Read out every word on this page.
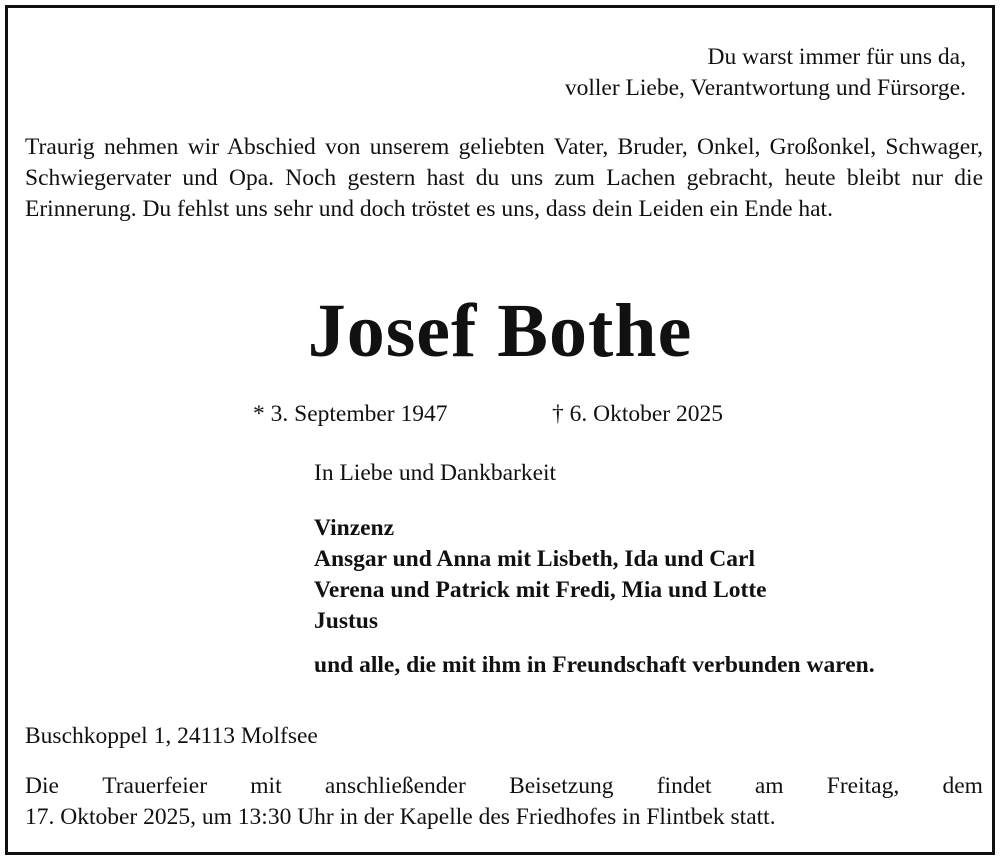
Du warst immer für uns da,
voller Liebe, Verantwortung und Fürsorge.
Traurig nehmen wir Abschied von unserem geliebten Vater, Bruder, Onkel, Großonkel, Schwager, Schwiegervater und Opa. Noch gestern hast du uns zum Lachen gebracht, heute bleibt nur die Erinnerung. Du fehlst uns sehr und doch tröstet es uns, dass dein Leiden ein Ende hat.
Josef Bothe
* 3. September 1947	† 6. Oktober 2025
In Liebe und Dankbarkeit
Vinzenz
Ansgar und Anna mit Lisbeth, Ida und Carl
Verena und Patrick mit Fredi, Mia und Lotte
Justus
und alle, die mit ihm in Freundschaft verbunden waren.
Buschkoppel 1, 24113 Molfsee
Die Trauerfeier mit anschließender Beisetzung findet am Freitag, dem
17. Oktober 2025, um 13:30 Uhr in der Kapelle des Friedhofes in Flintbek statt.
